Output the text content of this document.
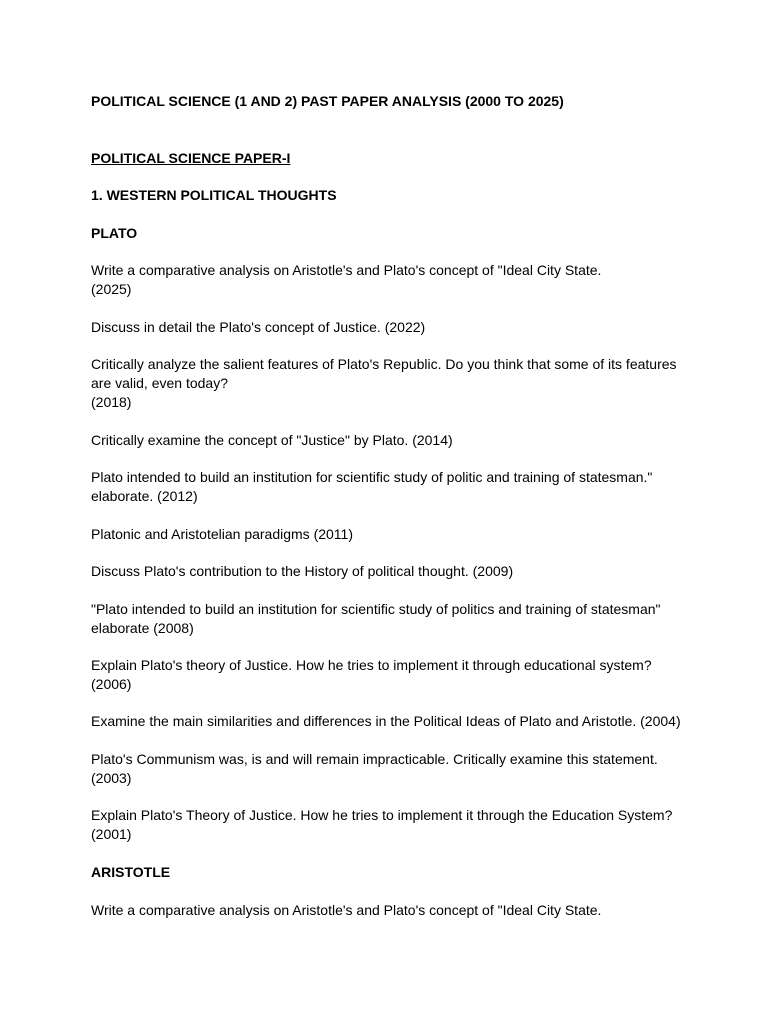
POLITICAL SCIENCE (1 AND 2) PAST PAPER ANALYSIS (2000 TO 2025)

POLITICAL SCIENCE PAPER-I

1. WESTERN POLITICAL THOUGHTS

PLATO

Write a comparative analysis on Aristotle's and Plato's concept of "Ideal City State.
(2025)

Discuss in detail the Plato's concept of Justice. (2022)

Critically analyze the salient features of Plato's Republic. Do you think that some of its features
are valid, even today?
(2018)

Critically examine the concept of "Justice" by Plato. (2014)

Plato intended to build an institution for scientific study of politic and training of statesman."
elaborate. (2012)

Platonic and Aristotelian paradigms (2011)

Discuss Plato's contribution to the History of political thought. (2009)

"Plato intended to build an institution for scientific study of politics and training of statesman"
elaborate (2008)

Explain Plato's theory of Justice. How he tries to implement it through educational system?
(2006)

Examine the main similarities and differences in the Political Ideas of Plato and Aristotle. (2004)

Plato's Communism was, is and will remain impracticable. Critically examine this statement.
(2003)

Explain Plato's Theory of Justice. How he tries to implement it through the Education System?
(2001)

ARISTOTLE

Write a comparative analysis on Aristotle's and Plato's concept of "Ideal City State.
